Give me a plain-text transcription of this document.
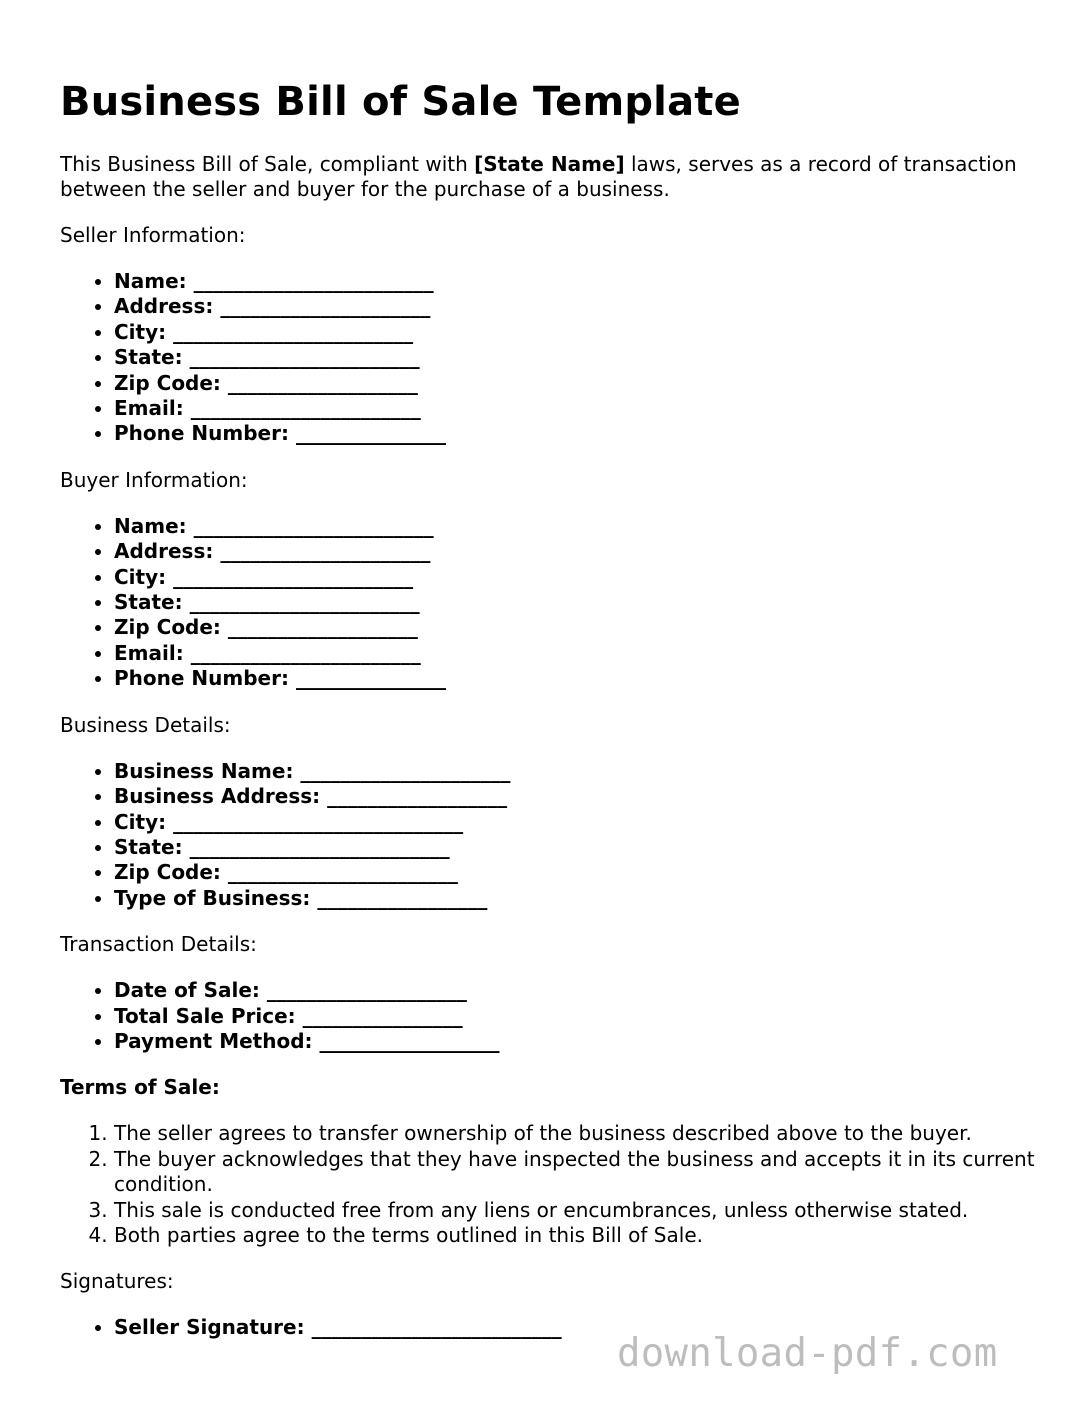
Business Bill of Sale Template

This Business Bill of Sale, compliant with [State Name] laws, serves as a record of transaction between the seller and buyer for the purchase of a business.

Seller Information:

• Name: ________________________
• Address: _____________________
• City: ________________________
• State: _______________________
• Zip Code: ___________________
• Email: _______________________
• Phone Number: _______________

Buyer Information:

• Name: ________________________
• Address: _____________________
• City: ________________________
• State: _______________________
• Zip Code: ___________________
• Email: _______________________
• Phone Number: _______________

Business Details:

• Business Name: _____________________
• Business Address: __________________
• City: _____________________________
• State: __________________________
• Zip Code: _______________________
• Type of Business: _________________

Transaction Details:

• Date of Sale: ____________________
• Total Sale Price: ________________
• Payment Method: __________________

Terms of Sale:

1. The seller agrees to transfer ownership of the business described above to the buyer.
2. The buyer acknowledges that they have inspected the business and accepts it in its current condition.
3. This sale is conducted free from any liens or encumbrances, unless otherwise stated.
4. Both parties agree to the terms outlined in this Bill of Sale.

Signatures:

• Seller Signature: _________________________
download-pdf.com
